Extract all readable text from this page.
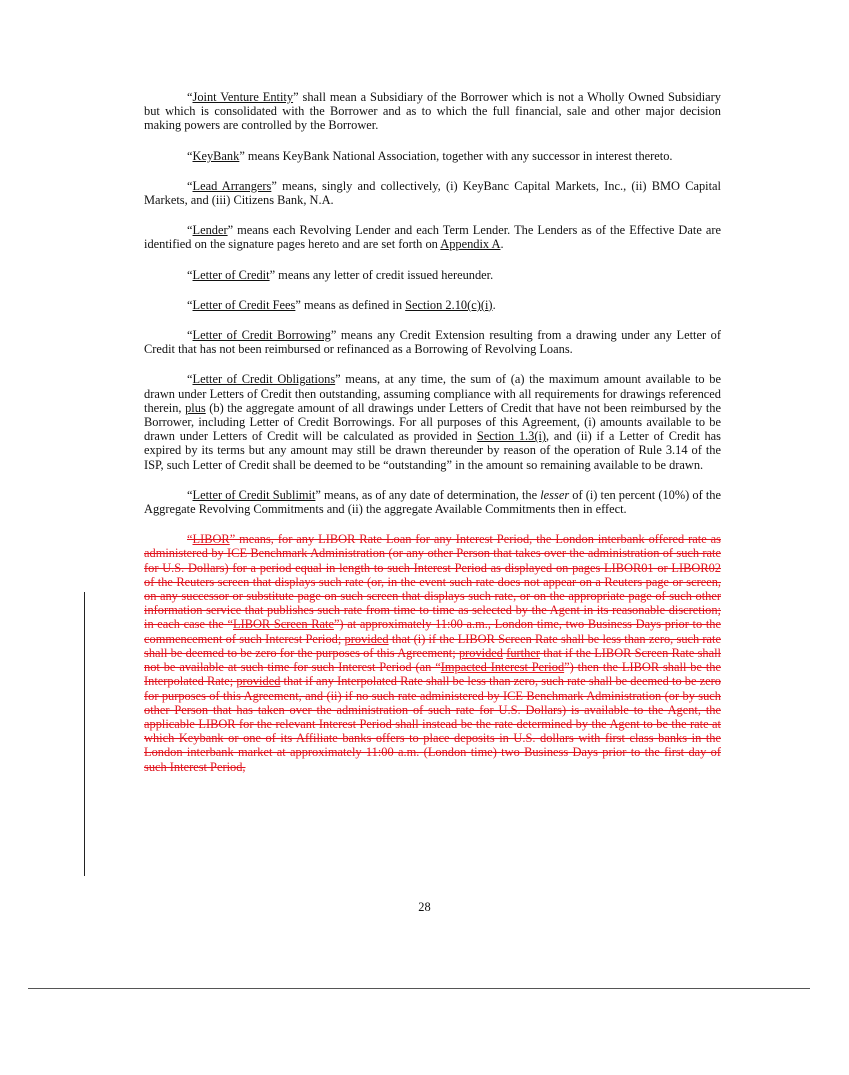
“Joint Venture Entity” shall mean a Subsidiary of the Borrower which is not a Wholly Owned Subsidiary but which is consolidated with the Borrower and as to which the full financial, sale and other major decision making powers are controlled by the Borrower.

“KeyBank” means KeyBank National Association, together with any successor in interest thereto.

“Lead Arrangers” means, singly and collectively, (i) KeyBanc Capital Markets, Inc., (ii) BMO Capital Markets, and (iii) Citizens Bank, N.A.

“Lender” means each Revolving Lender and each Term Lender. The Lenders as of the Effective Date are identified on the signature pages hereto and are set forth on Appendix A.

“Letter of Credit” means any letter of credit issued hereunder.

“Letter of Credit Fees” means as defined in Section 2.10(c)(i).

“Letter of Credit Borrowing” means any Credit Extension resulting from a drawing under any Letter of Credit that has not been reimbursed or refinanced as a Borrowing of Revolving Loans.

“Letter of Credit Obligations” means, at any time, the sum of (a) the maximum amount available to be drawn under Letters of Credit then outstanding, assuming compliance with all requirements for drawings referenced therein, plus (b) the aggregate amount of all drawings under Letters of Credit that have not been reimbursed by the Borrower, including Letter of Credit Borrowings. For all purposes of this Agreement, (i) amounts available to be drawn under Letters of Credit will be calculated as provided in Section 1.3(i), and (ii) if a Letter of Credit has expired by its terms but any amount may still be drawn thereunder by reason of the operation of Rule 3.14 of the ISP, such Letter of Credit shall be deemed to be “outstanding” in the amount so remaining available to be drawn.

“Letter of Credit Sublimit” means, as of any date of determination, the lesser of (i) ten percent (10%) of the Aggregate Revolving Commitments and (ii) the aggregate Available Commitments then in effect.

“LIBOR” means, for any LIBOR Rate Loan for any Interest Period, the London interbank offered rate as administered by ICE Benchmark Administration (or any other Person that takes over the administration of such rate for U.S. Dollars) for a period equal in length to such Interest Period as displayed on pages LIBOR01 or LIBOR02 of the Reuters screen that displays such rate (or, in the event such rate does not appear on a Reuters page or screen, on any successor or substitute page on such screen that displays such rate, or on the appropriate page of such other information service that publishes such rate from time to time as selected by the Agent in its reasonable discretion; in each case the “LIBOR Screen Rate”) at approximately 11:00 a.m., London time, two Business Days prior to the commencement of such Interest Period; provided that (i) if the LIBOR Screen Rate shall be less than zero, such rate shall be deemed to be zero for the purposes of this Agreement; provided further that if the LIBOR Screen Rate shall not be available at such time for such Interest Period (an “Impacted Interest Period”) then the LIBOR shall be the Interpolated Rate; provided that if any Interpolated Rate shall be less than zero, such rate shall be deemed to be zero for purposes of this Agreement, and (ii) if no such rate administered by ICE Benchmark Administration (or by such other Person that has taken over the administration of such rate for U.S. Dollars) is available to the Agent, the applicable LIBOR for the relevant Interest Period shall instead be the rate determined by the Agent to be the rate at which Keybank or one of its Affiliate banks offers to place deposits in U.S. dollars with first class banks in the London interbank market at approximately 11:00 a.m. (London time) two Business Days prior to the first day of such Interest Period,

28
